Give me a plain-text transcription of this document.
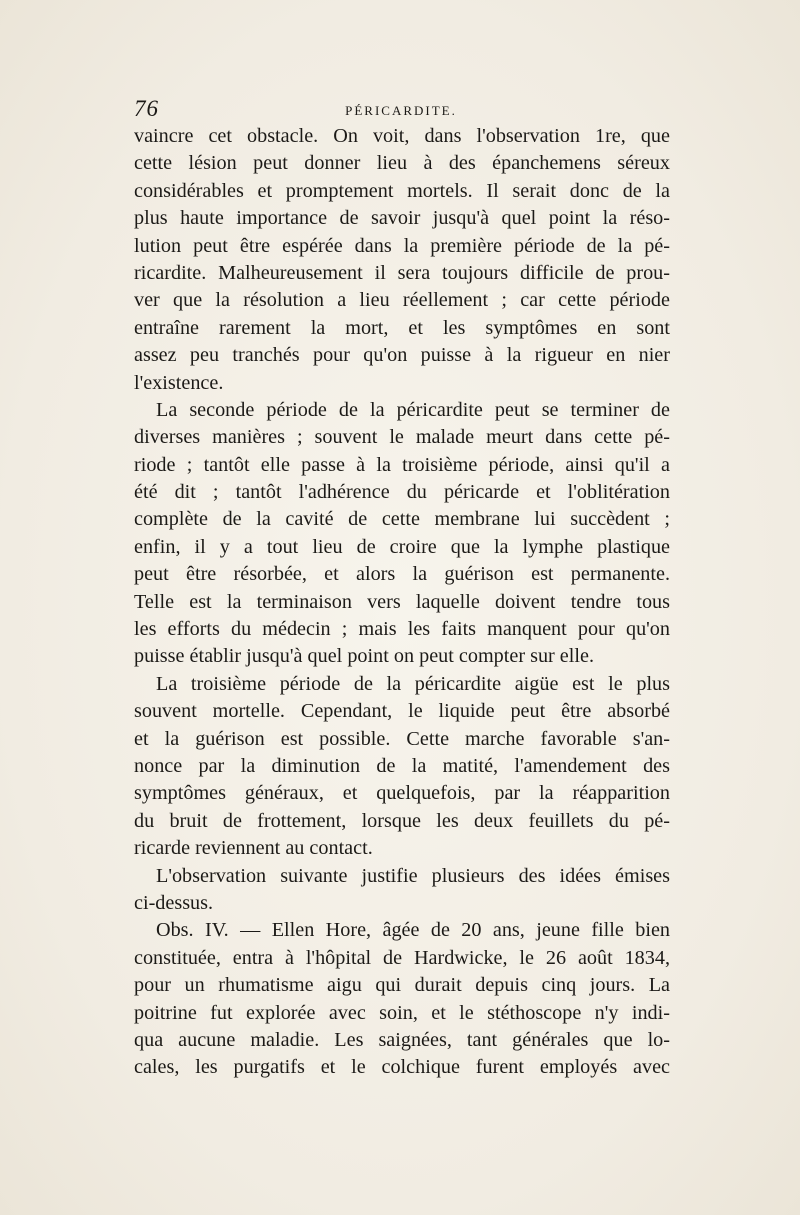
76	PÉRICARDITE.
vaincre cet obstacle. On voit, dans l'observation 1re, que
cette lésion peut donner lieu à des épanchemens séreux
considérables et promptement mortels. Il serait donc de la
plus haute importance de savoir jusqu'à quel point la réso-
lution peut être espérée dans la première période de la pé-
ricardite. Malheureusement il sera toujours difficile de prou-
ver que la résolution a lieu réellement ; car cette période
entraîne rarement la mort, et les symptômes en sont
assez peu tranchés pour qu'on puisse à la rigueur en nier
l'existence.
La seconde période de la péricardite peut se terminer de
diverses manières ; souvent le malade meurt dans cette pé-
riode ; tantôt elle passe à la troisième période, ainsi qu'il a
été dit ; tantôt l'adhérence du péricarde et l'oblitération
complète de la cavité de cette membrane lui succèdent ;
enfin, il y a tout lieu de croire que la lymphe plastique
peut être résorbée, et alors la guérison est permanente.
Telle est la terminaison vers laquelle doivent tendre tous
les efforts du médecin ; mais les faits manquent pour qu'on
puisse établir jusqu'à quel point on peut compter sur elle.
La troisième période de la péricardite aigüe est le plus
souvent mortelle. Cependant, le liquide peut être absorbé
et la guérison est possible. Cette marche favorable s'an-
nonce par la diminution de la matité, l'amendement des
symptômes généraux, et quelquefois, par la réapparition
du bruit de frottement, lorsque les deux feuillets du pé-
ricarde reviennent au contact.
L'observation suivante justifie plusieurs des idées émises
ci-dessus.
Obs. IV. — Ellen Hore, âgée de 20 ans, jeune fille bien
constituée, entra à l'hôpital de Hardwicke, le 26 août 1834,
pour un rhumatisme aigu qui durait depuis cinq jours. La
poitrine fut explorée avec soin, et le stéthoscope n'y indi-
qua aucune maladie. Les saignées, tant générales que lo-
cales, les purgatifs et le colchique furent employés avec
